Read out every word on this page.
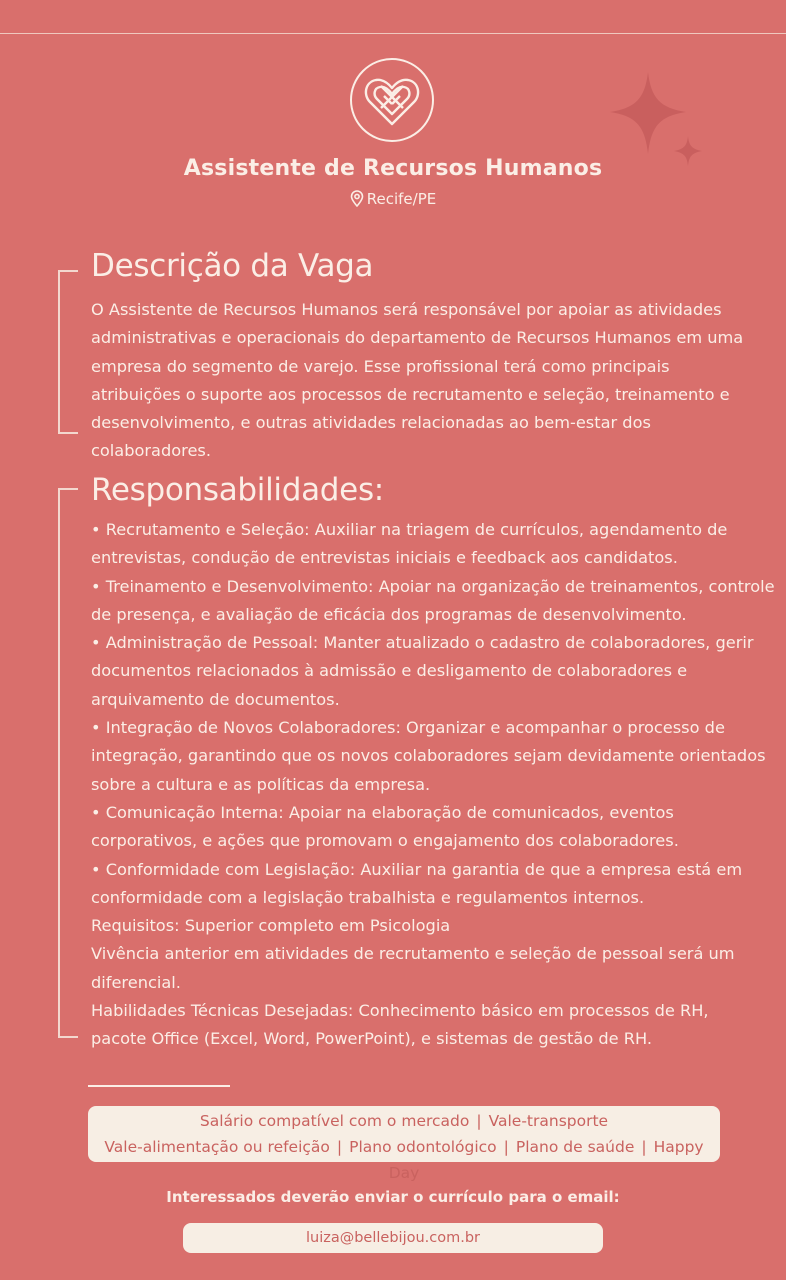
Assistente de Recursos Humanos
Recife/PE
Descrição da Vaga
O Assistente de Recursos Humanos será responsável por apoiar as atividades
administrativas e operacionais do departamento de Recursos Humanos em uma
empresa do segmento de varejo. Esse profissional terá como principais
atribuições o suporte aos processos de recrutamento e seleção, treinamento e
desenvolvimento, e outras atividades relacionadas ao bem-estar dos
colaboradores.
Responsabilidades:
• Recrutamento e Seleção: Auxiliar na triagem de currículos, agendamento de
entrevistas, condução de entrevistas iniciais e feedback aos candidatos.
• Treinamento e Desenvolvimento: Apoiar na organização de treinamentos, controle
de presença, e avaliação de eficácia dos programas de desenvolvimento.
• Administração de Pessoal: Manter atualizado o cadastro de colaboradores, gerir
documentos relacionados à admissão e desligamento de colaboradores e
arquivamento de documentos.
• Integração de Novos Colaboradores: Organizar e acompanhar o processo de
integração, garantindo que os novos colaboradores sejam devidamente orientados
sobre a cultura e as políticas da empresa.
• Comunicação Interna: Apoiar na elaboração de comunicados, eventos
corporativos, e ações que promovam o engajamento dos colaboradores.
• Conformidade com Legislação: Auxiliar na garantia de que a empresa está em
conformidade com a legislação trabalhista e regulamentos internos.
Requisitos: Superior completo em Psicologia
Vivência anterior em atividades de recrutamento e seleção de pessoal será um
diferencial.
Habilidades Técnicas Desejadas: Conhecimento básico em processos de RH,
pacote Office (Excel, Word, PowerPoint), e sistemas de gestão de RH.
Salário compatível com o mercado | Vale-transporte
Vale-alimentação ou refeição | Plano odontológico | Plano de saúde | Happy Day
Interessados deverão enviar o currículo para o email:
luiza@bellebijou.com.br
